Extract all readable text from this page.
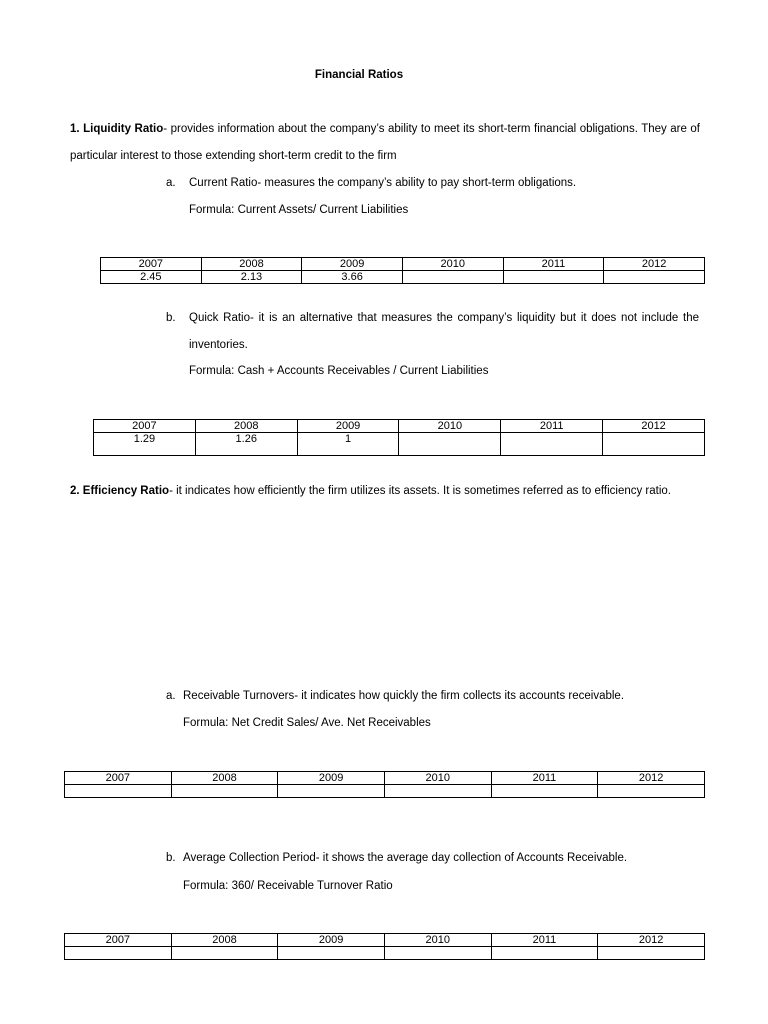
Financial Ratios
1. Liquidity Ratio- provides information about the company’s ability to meet its short-term financial obligations. They are of particular interest to those extending short-term credit to the firm
a. Current Ratio- measures the company’s ability to pay short-term obligations.
Formula: Current Assets/ Current Liabilities
2007	2008	2009	2010	2011	2012
2.45	2.13	3.66			
b. Quick Ratio- it is an alternative that measures the company’s liquidity but it does not include the inventories.
Formula: Cash + Accounts Receivables / Current Liabilities
2007	2008	2009	2010	2011	2012
1.29	1.26	1			
2. Efficiency Ratio- it indicates how efficiently the firm utilizes its assets. It is sometimes referred as to efficiency ratio.
a. Receivable Turnovers- it indicates how quickly the firm collects its accounts receivable.
Formula: Net Credit Sales/ Ave. Net Receivables
2007	2008	2009	2010	2011	2012

b. Average Collection Period- it shows the average day collection of Accounts Receivable.
Formula: 360/ Receivable Turnover Ratio
2007	2008	2009	2010	2011	2012
